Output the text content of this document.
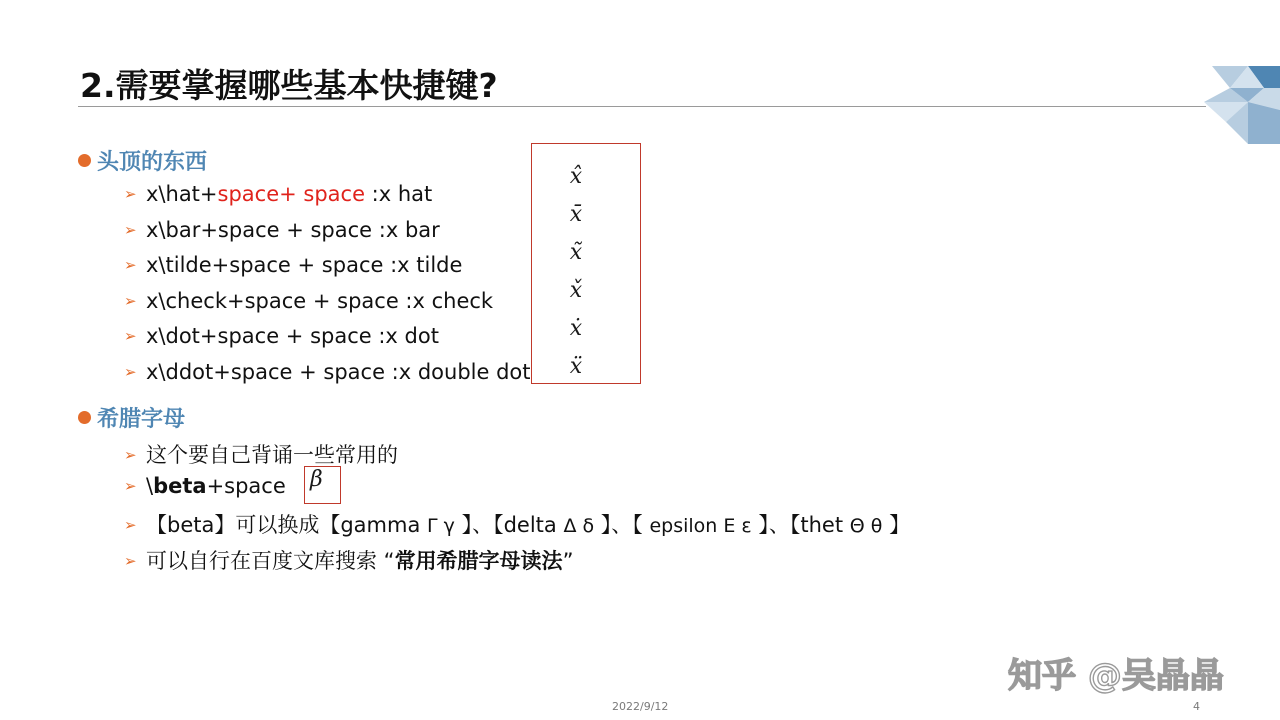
2.需要掌握哪些基本快捷键?
头顶的东西
➢ x\hat+space+ space :x hat
➢ x\bar+space + space :x bar
➢ x\tilde+space + space :x tilde
➢ x\check+space + space :x check
➢ x\dot+space + space :x dot
➢ x\ddot+space + space :x double dot
x̂
x̄
x̃
x̌
ẋ
ẍ
希腊字母
➢ 这个要自己背诵一些常用的
➢ \beta+space β
➢ 【beta】可以换成【gamma Γ γ 】、【delta Δ δ 】、【 epsilon Ε ε 】、【thet Θ θ 】
➢ 可以自行在百度文库搜索 “常用希腊字母读法”
知乎 @吴晶晶
2022/9/12	4
